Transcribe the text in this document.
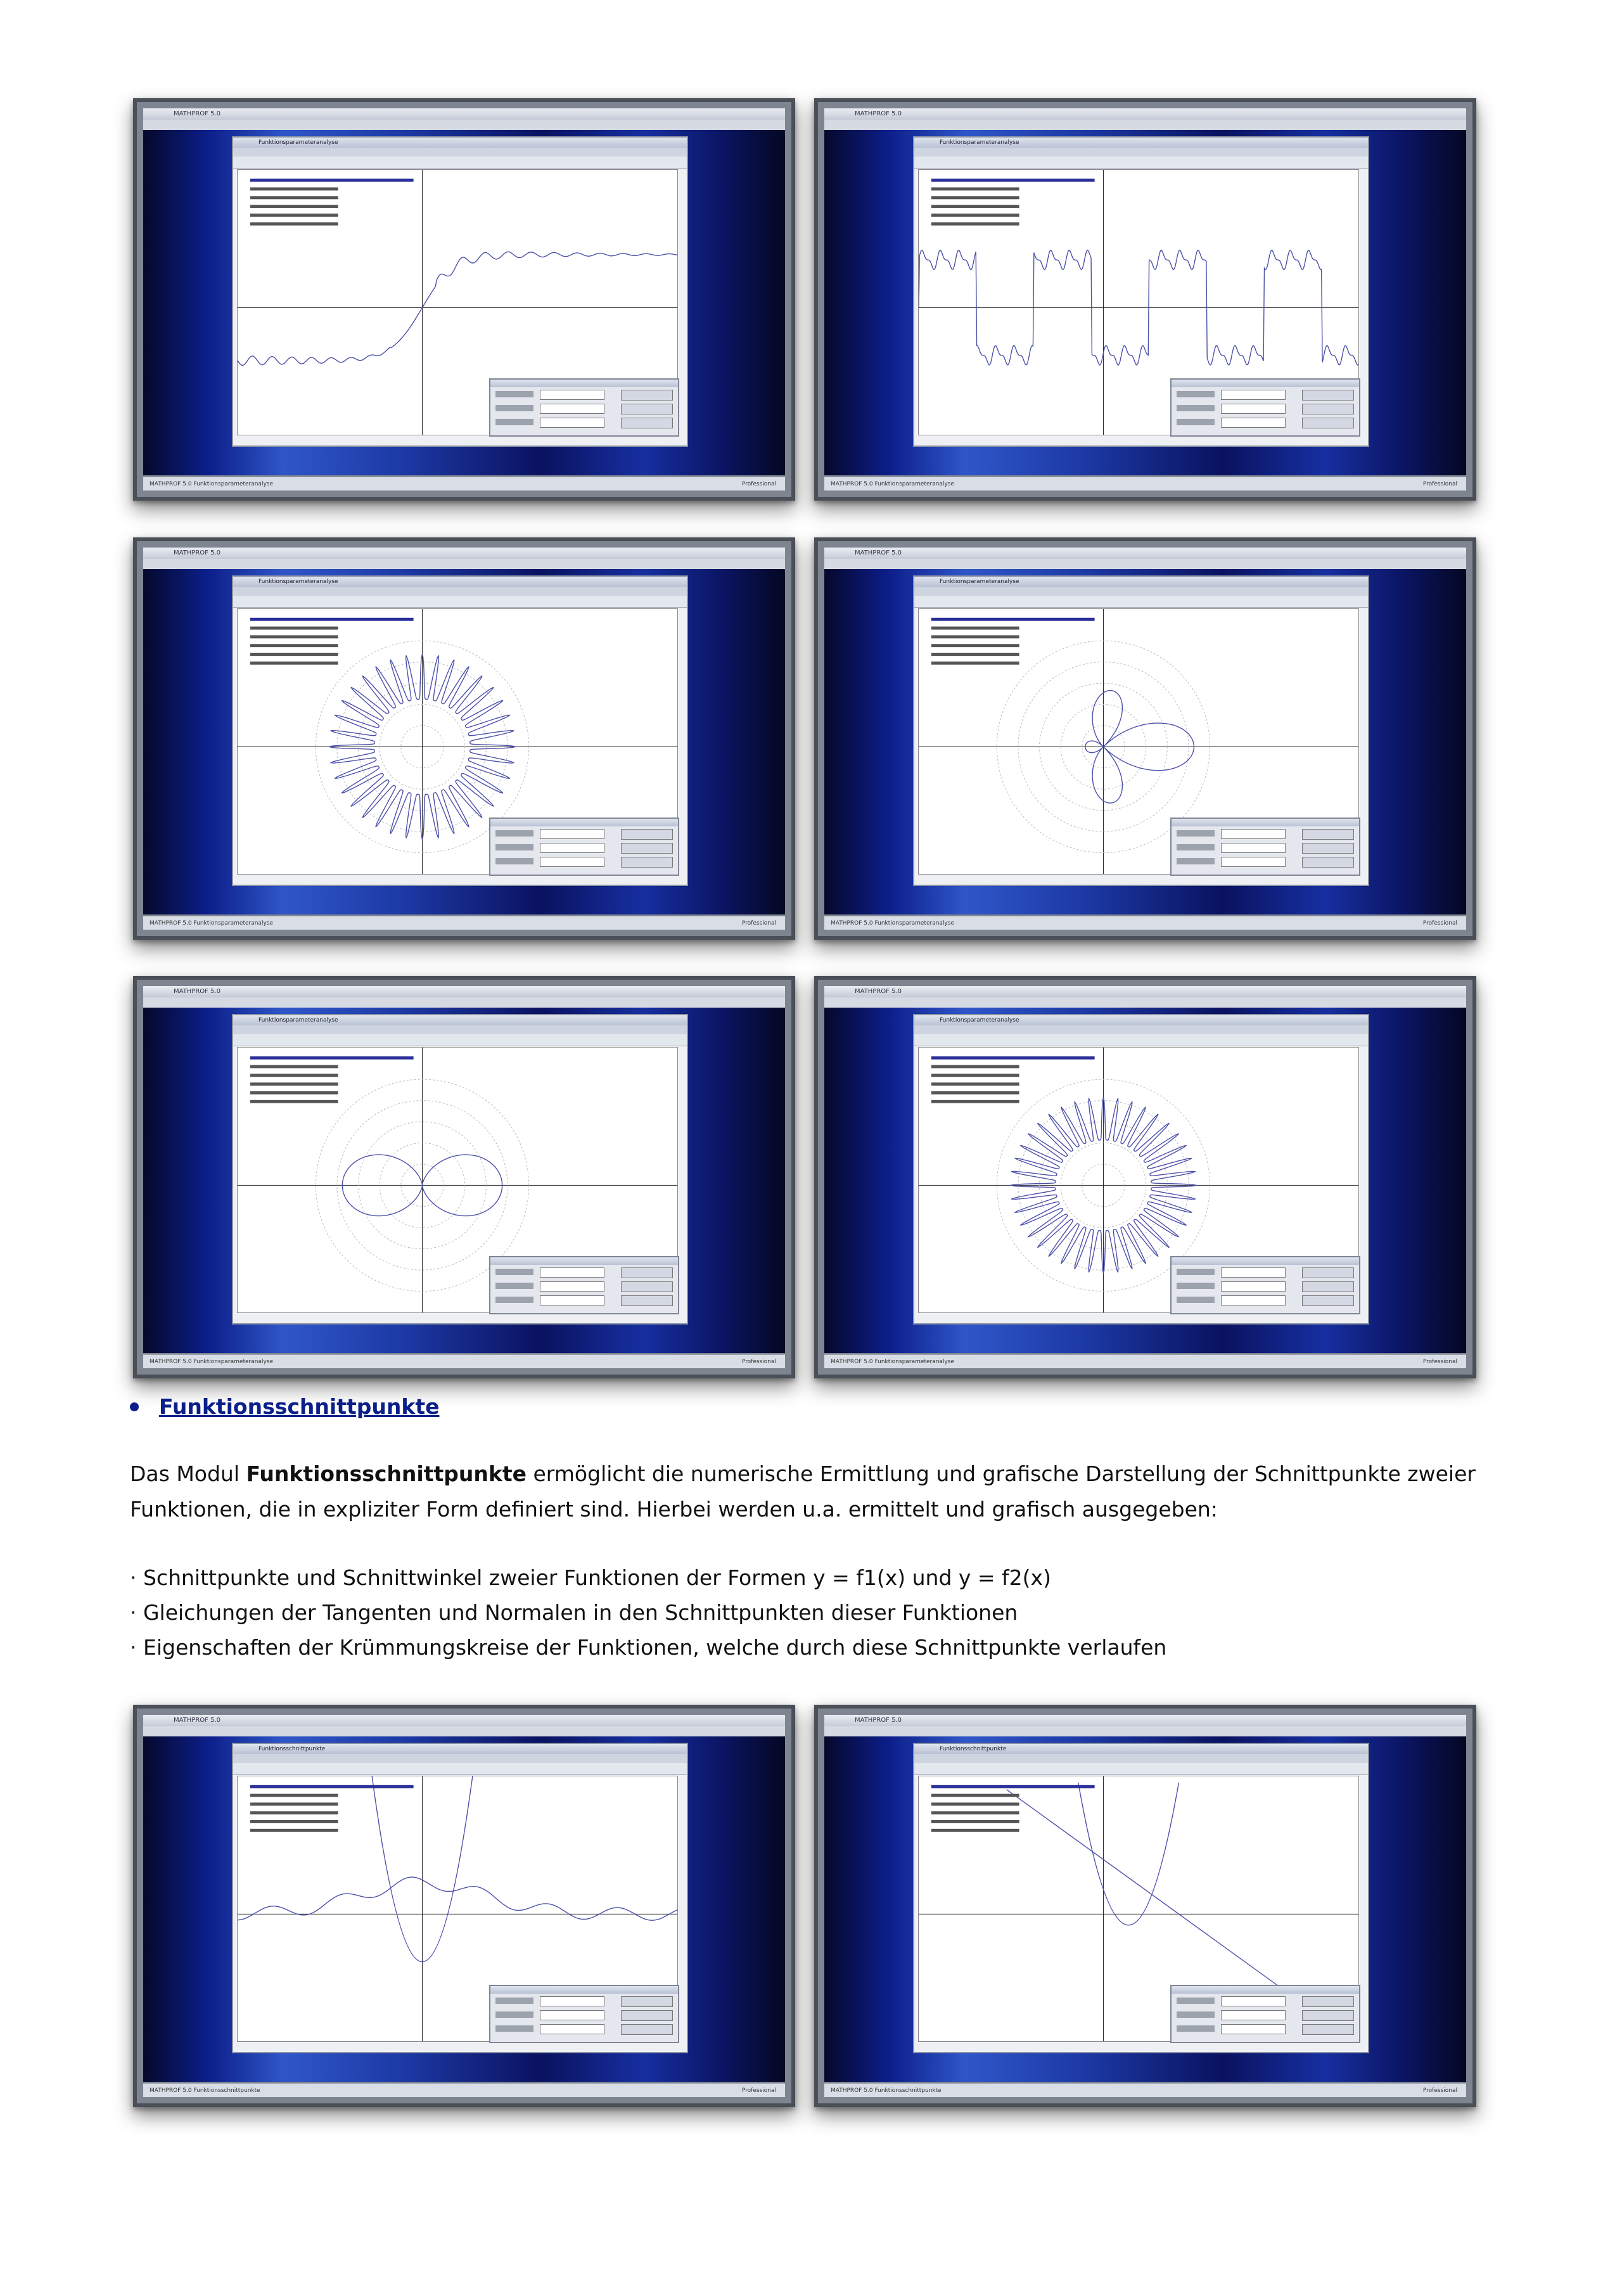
MATHPROF 5.0
Funktionsparameteranalyse
MATHPROF 5.0 Funktionsparameteranalyse	Professional
MATHPROF 5.0
Funktionsparameteranalyse
MATHPROF 5.0 Funktionsparameteranalyse	Professional
MATHPROF 5.0
Funktionsparameteranalyse
MATHPROF 5.0 Funktionsparameteranalyse	Professional
MATHPROF 5.0
Funktionsparameteranalyse
MATHPROF 5.0 Funktionsparameteranalyse	Professional
MATHPROF 5.0
Funktionsparameteranalyse
MATHPROF 5.0 Funktionsparameteranalyse	Professional
MATHPROF 5.0
Funktionsparameteranalyse
MATHPROF 5.0 Funktionsparameteranalyse	Professional
MATHPROF 5.0
Funktionsschnittpunkte
MATHPROF 5.0 Funktionsschnittpunkte	Professional
MATHPROF 5.0
Funktionsschnittpunkte
MATHPROF 5.0 Funktionsschnittpunkte	Professional
Funktionsschnittpunkte
Das Modul Funktionsschnittpunkte ermöglicht die numerische Ermittlung und grafische Darstellung der Schnittpunkte zweier Funktionen, die in expliziter Form definiert sind. Hierbei werden u.a. ermittelt und grafisch ausgegeben:
· Schnittpunkte und Schnittwinkel zweier Funktionen der Formen y = f1(x) und y = f2(x)
· Gleichungen der Tangenten und Normalen in den Schnittpunkten dieser Funktionen
· Eigenschaften der Krümmungskreise der Funktionen, welche durch diese Schnittpunkte verlaufen
